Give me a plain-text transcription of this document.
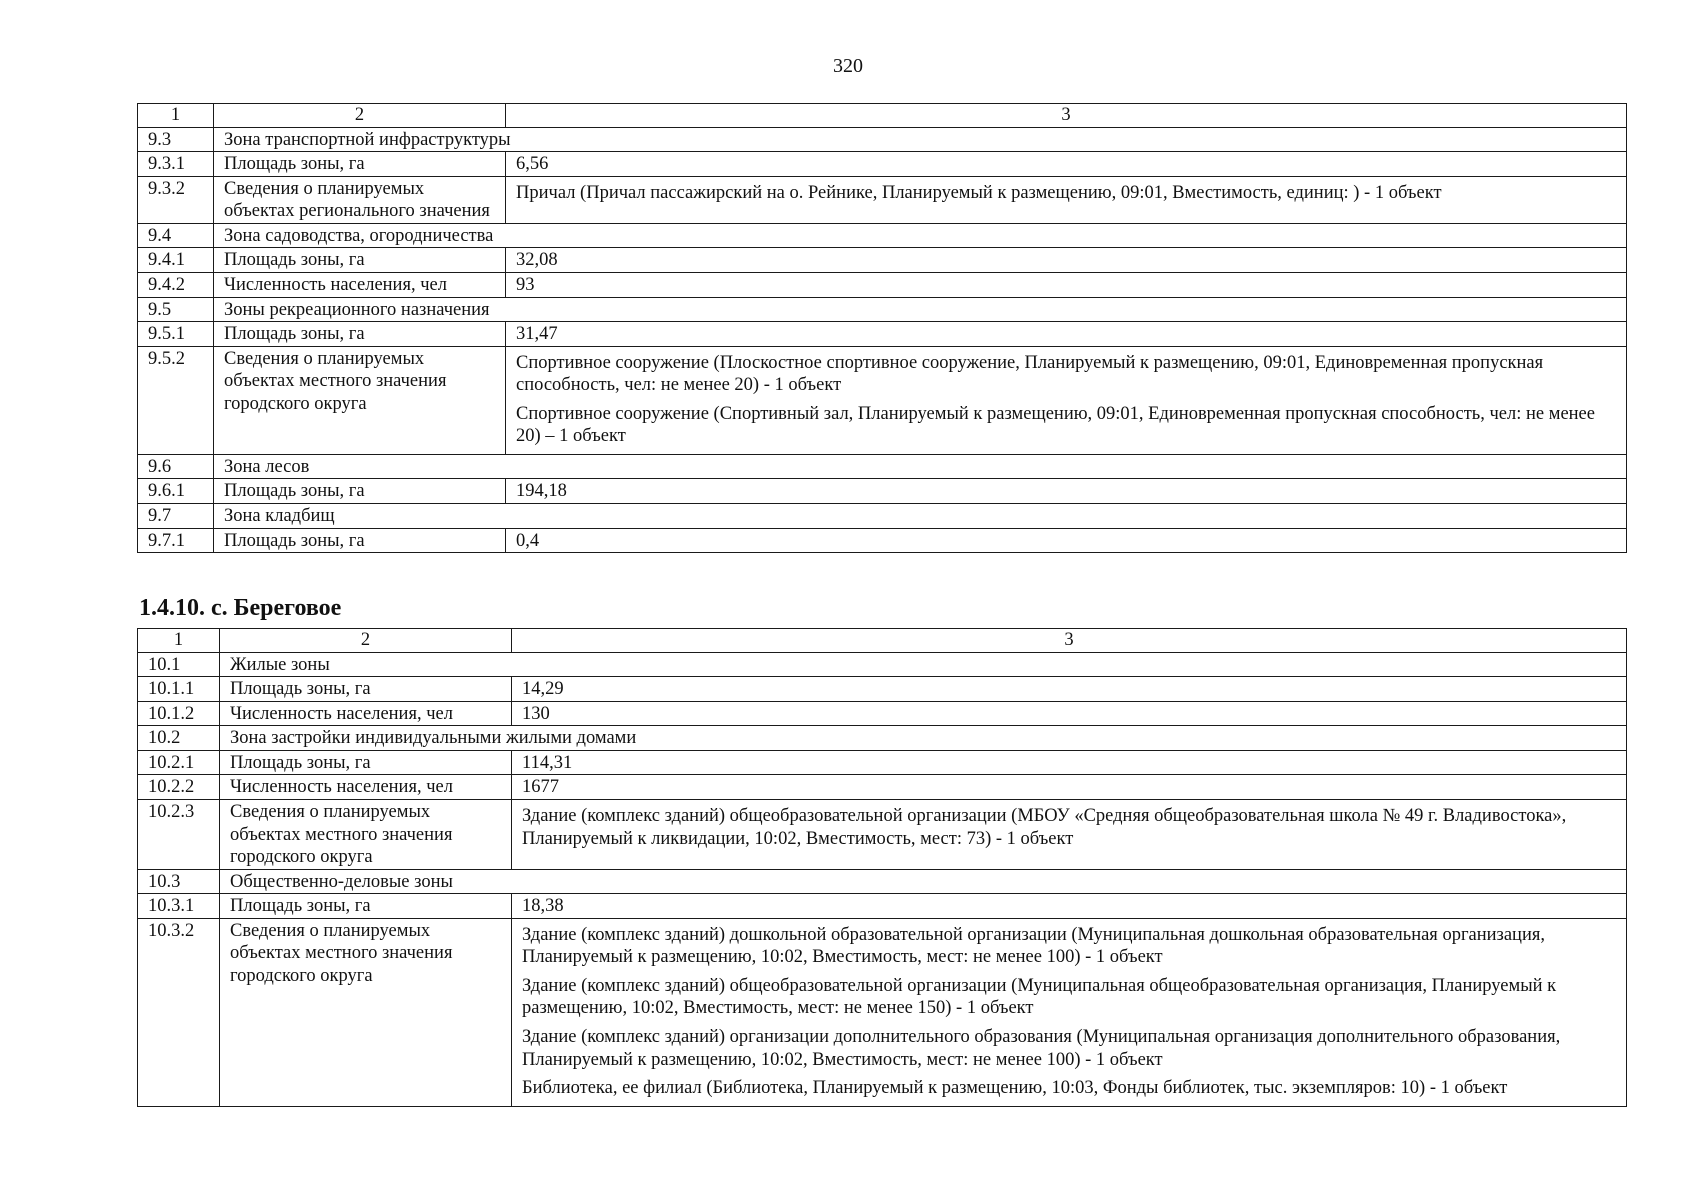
320
1	2	3
9.3	Зона транспортной инфраструктуры	
9.3.1	Площадь зоны, га	6,56
9.3.2	Сведения о планируемых объектах регионального значения	Причал (Причал пассажирский на о. Рейнике, Планируемый к размещению, 09:01, Вместимость, единиц: ) - 1 объект

9.4	Зона садоводства, огородничества	
9.4.1	Площадь зоны, га	32,08
9.4.2	Численность населения, чел	93
9.5	Зоны рекреационного назначения	
9.5.1	Площадь зоны, га	31,47
9.5.2	Сведения о планируемых объектах местного значения городского округа	Спортивное сооружение (Плоскостное спортивное сооружение, Планируемый к размещению, 09:01, Единовременная пропускная способность, чел: не менее 20) - 1 объект
Спортивное сооружение (Спортивный зал, Планируемый к размещению, 09:01, Единовременная пропускная способность, чел: не менее 20) – 1 объект

9.6	Зона лесов	
9.6.1	Площадь зоны, га	194,18
9.7	Зона кладбищ	
9.7.1	Площадь зоны, га	0,4
1.4.10. с. Береговое
1	2	3
10.1	Жилые зоны	
10.1.1	Площадь зоны, га	14,29
10.1.2	Численность населения, чел	130
10.2	Зона застройки индивидуальными жилыми домами	
10.2.1	Площадь зоны, га	114,31
10.2.2	Численность населения, чел	1677
10.2.3	Сведения о планируемых объектах местного значения городского округа	Здание (комплекс зданий) общеобразовательной организации (МБОУ «Средняя общеобразовательная школа № 49 г. Владивостока», Планируемый к ликвидации, 10:02, Вместимость, мест: 73) - 1 объект

10.3	Общественно-деловые зоны	
10.3.1	Площадь зоны, га	18,38
10.3.2	Сведения о планируемых объектах местного значения городского округа	Здание (комплекс зданий) дошкольной образовательной организации (Муниципальная дошкольная образовательная организация, Планируемый к размещению, 10:02, Вместимость, мест: не менее 100) - 1 объект
Здание (комплекс зданий) общеобразовательной организации (Муниципальная общеобразовательная организация, Планируемый к размещению, 10:02, Вместимость, мест: не менее 150) - 1 объект
Здание (комплекс зданий) организации дополнительного образования (Муниципальная организация дополнительного образования, Планируемый к размещению, 10:02, Вместимость, мест: не менее 100) - 1 объект
Библиотека, ее филиал (Библиотека, Планируемый к размещению, 10:03, Фонды библиотек, тыс. экземпляров: 10) - 1 объект
